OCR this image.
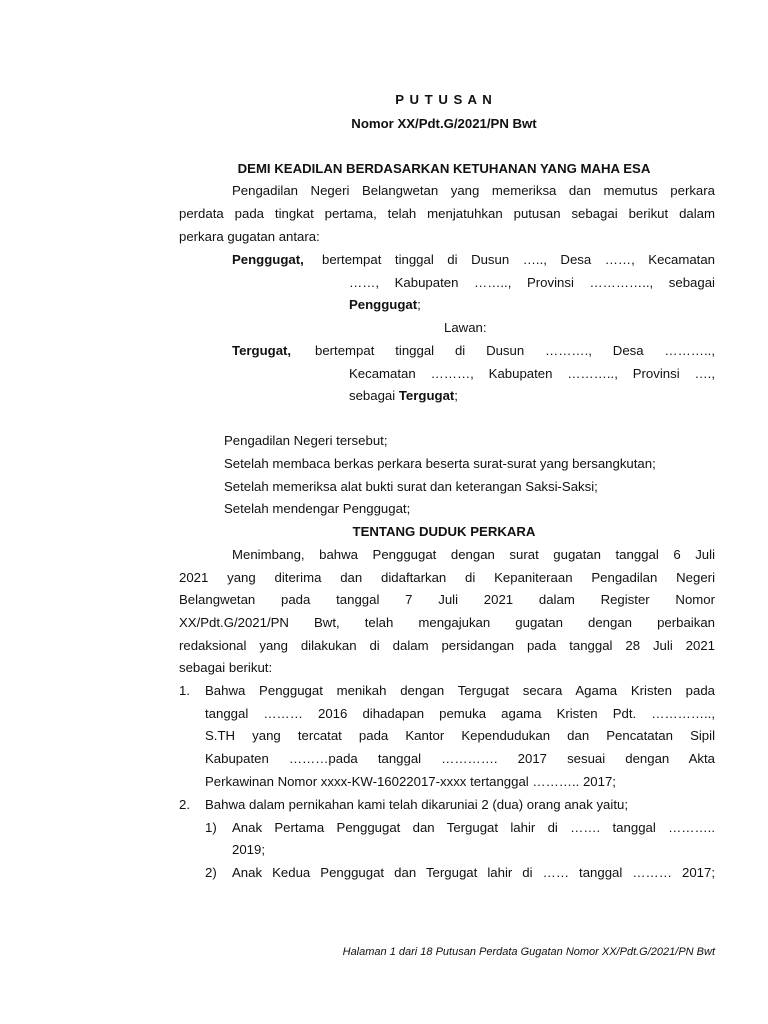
P U T U S A N
Nomor XX/Pdt.G/2021/PN Bwt
DEMI KEADILAN BERDASARKAN KETUHANAN YANG MAHA ESA
Pengadilan Negeri Belangwetan yang memeriksa dan memutus perkara
perdata pada tingkat pertama, telah menjatuhkan putusan sebagai berikut dalam
perkara gugatan antara:
Penggugat, bertempat tinggal di Dusun ….., Desa ……, Kecamatan
……, Kabupaten …….., Provinsi ………….., sebagai
Penggugat;
Lawan:
Tergugat, bertempat tinggal di Dusun ………., Desa ………..,
Kecamatan ………, Kabupaten ……….., Provinsi ….,
sebagai Tergugat;
Pengadilan Negeri tersebut;
Setelah membaca berkas perkara beserta surat-surat yang bersangkutan;
Setelah memeriksa alat bukti surat dan keterangan Saksi-Saksi;
Setelah mendengar Penggugat;
TENTANG DUDUK PERKARA
Menimbang, bahwa Penggugat dengan surat gugatan tanggal 6 Juli
2021 yang diterima dan didaftarkan di Kepaniteraan Pengadilan Negeri
Belangwetan pada tanggal 7 Juli 2021 dalam Register Nomor
XX/Pdt.G/2021/PN Bwt, telah mengajukan gugatan dengan perbaikan
redaksional yang dilakukan di dalam persidangan pada tanggal 28 Juli 2021
sebagai berikut:
1. Bahwa Penggugat menikah dengan Tergugat secara Agama Kristen pada
tanggal ……… 2016 dihadapan pemuka agama Kristen Pdt. …………..,
S.TH yang tercatat pada Kantor Kependudukan dan Pencatatan Sipil
Kabupaten ………pada tanggal …………. 2017 sesuai dengan Akta
Perkawinan Nomor xxxx-KW-16022017-xxxx tertanggal ……….. 2017;
2. Bahwa dalam pernikahan kami telah dikaruniai 2 (dua) orang anak yaitu;
1) Anak Pertama Penggugat dan Tergugat lahir di ……. tanggal ………..
2019;
2) Anak Kedua Penggugat dan Tergugat lahir di …… tanggal ……… 2017;
Halaman 1 dari 18 Putusan Perdata Gugatan Nomor XX/Pdt.G/2021/PN Bwt
